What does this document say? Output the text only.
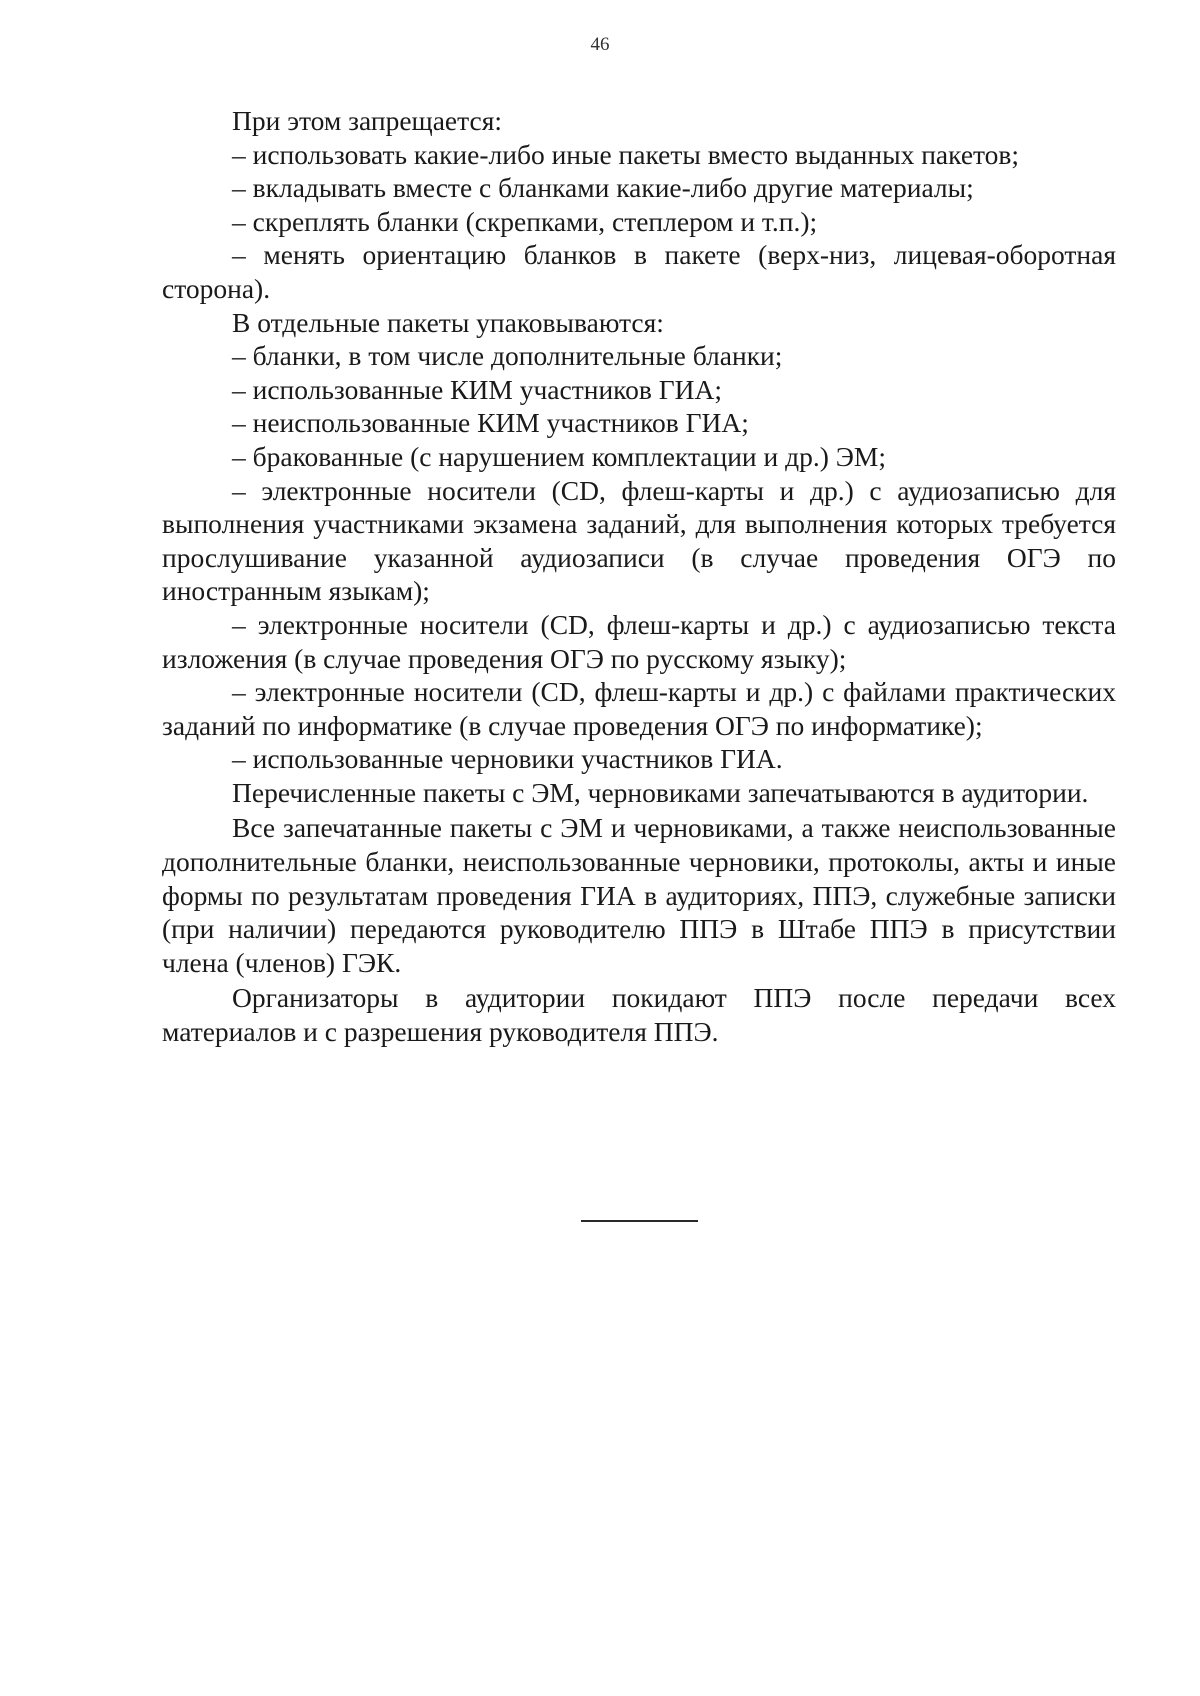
46

При этом запрещается:

– использовать какие-либо иные пакеты вместо выданных пакетов;

– вкладывать вместе с бланками какие-либо другие материалы;

– скреплять бланки (скрепками, степлером и т.п.);

– менять ориентацию бланков в пакете (верх-низ, лицевая-оборотная сторона).

В отдельные пакеты упаковываются:

– бланки, в том числе дополнительные бланки;

– использованные КИМ участников ГИА;

– неиспользованные КИМ участников ГИА;

– бракованные (с нарушением комплектации и др.) ЭМ;

– электронные носители (CD, флеш-карты и др.) с аудиозаписью для выполнения участниками экзамена заданий, для выполнения которых требуется прослушивание указанной аудиозаписи (в случае проведения ОГЭ по иностранным языкам);

– электронные носители (CD, флеш-карты и др.) с аудиозаписью текста изложения (в случае проведения ОГЭ по русскому языку);

– электронные носители (CD, флеш-карты и др.) с файлами практических заданий по информатике (в случае проведения ОГЭ по информатике);

– использованные черновики участников ГИА.

Перечисленные пакеты с ЭМ, черновиками запечатываются в аудитории.

Все запечатанные пакеты с ЭМ и черновиками, а также неиспользованные дополнительные бланки, неиспользованные черновики, протоколы, акты и иные формы по результатам проведения ГИА в аудиториях, ППЭ, служебные записки (при наличии) передаются руководителю ППЭ в Штабе ППЭ в присутствии члена (членов) ГЭК.

Организаторы в аудитории покидают ППЭ после передачи всех материалов и с разрешения руководителя ППЭ.
